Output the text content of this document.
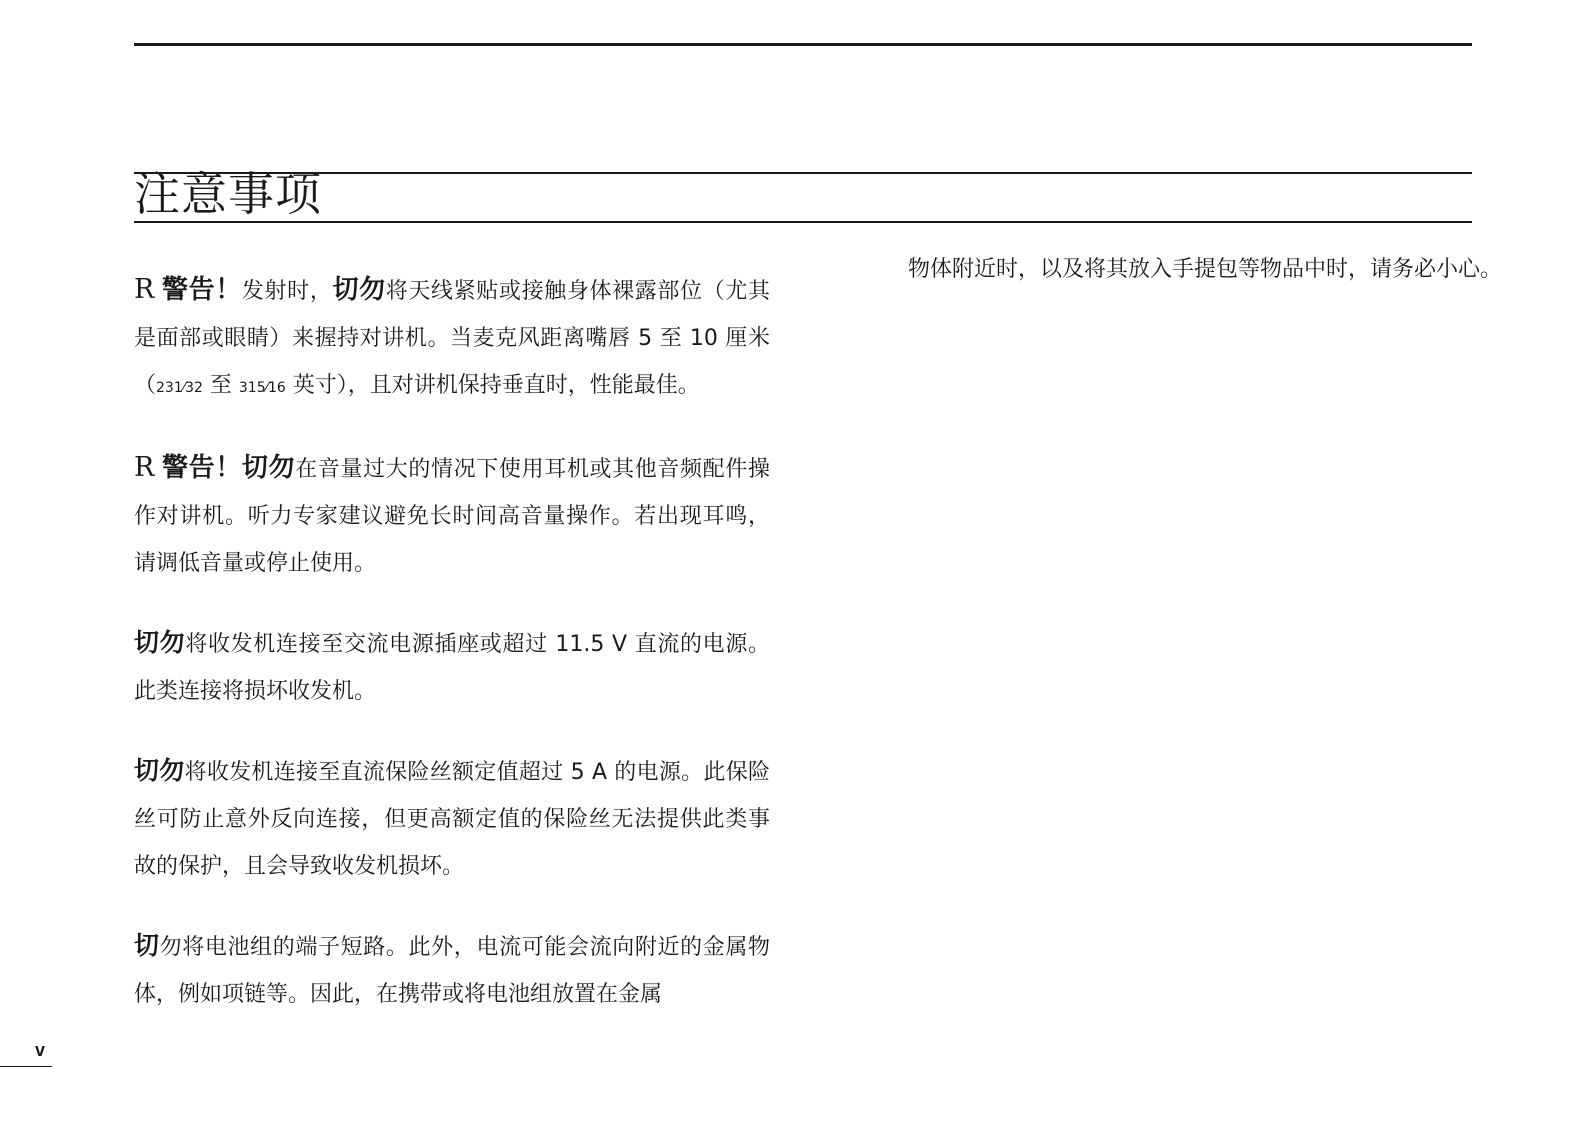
注意事项

R 警告！发射时，切勿将天线紧贴或接触身体裸露部位（尤其是面部或眼睛）来握持对讲机。当麦克风距离嘴唇 5 至 10 厘米（231⁄32 至 315⁄16 英寸），且对讲机保持垂直时，性能最佳。

R 警告！切勿在音量过大的情况下使用耳机或其他音频配件操作对讲机。听力专家建议避免长时间高音量操作。若出现耳鸣，请调低音量或停止使用。

切勿将收发机连接至交流电源插座或超过 11.5 V 直流的电源。此类连接将损坏收发机。

切勿将收发机连接至直流保险丝额定值超过 5 A 的电源。此保险丝可防止意外反向连接，但更高额定值的保险丝无法提供此类事故的保护，且会导致收发机损坏。

切勿将电池组的端子短路。此外，电流可能会流向附近的金属物体，例如项链等。因此，在携带或将电池组放置在金属

物体附近时，以及将其放入手提包等物品中时，请务必小心。

v
